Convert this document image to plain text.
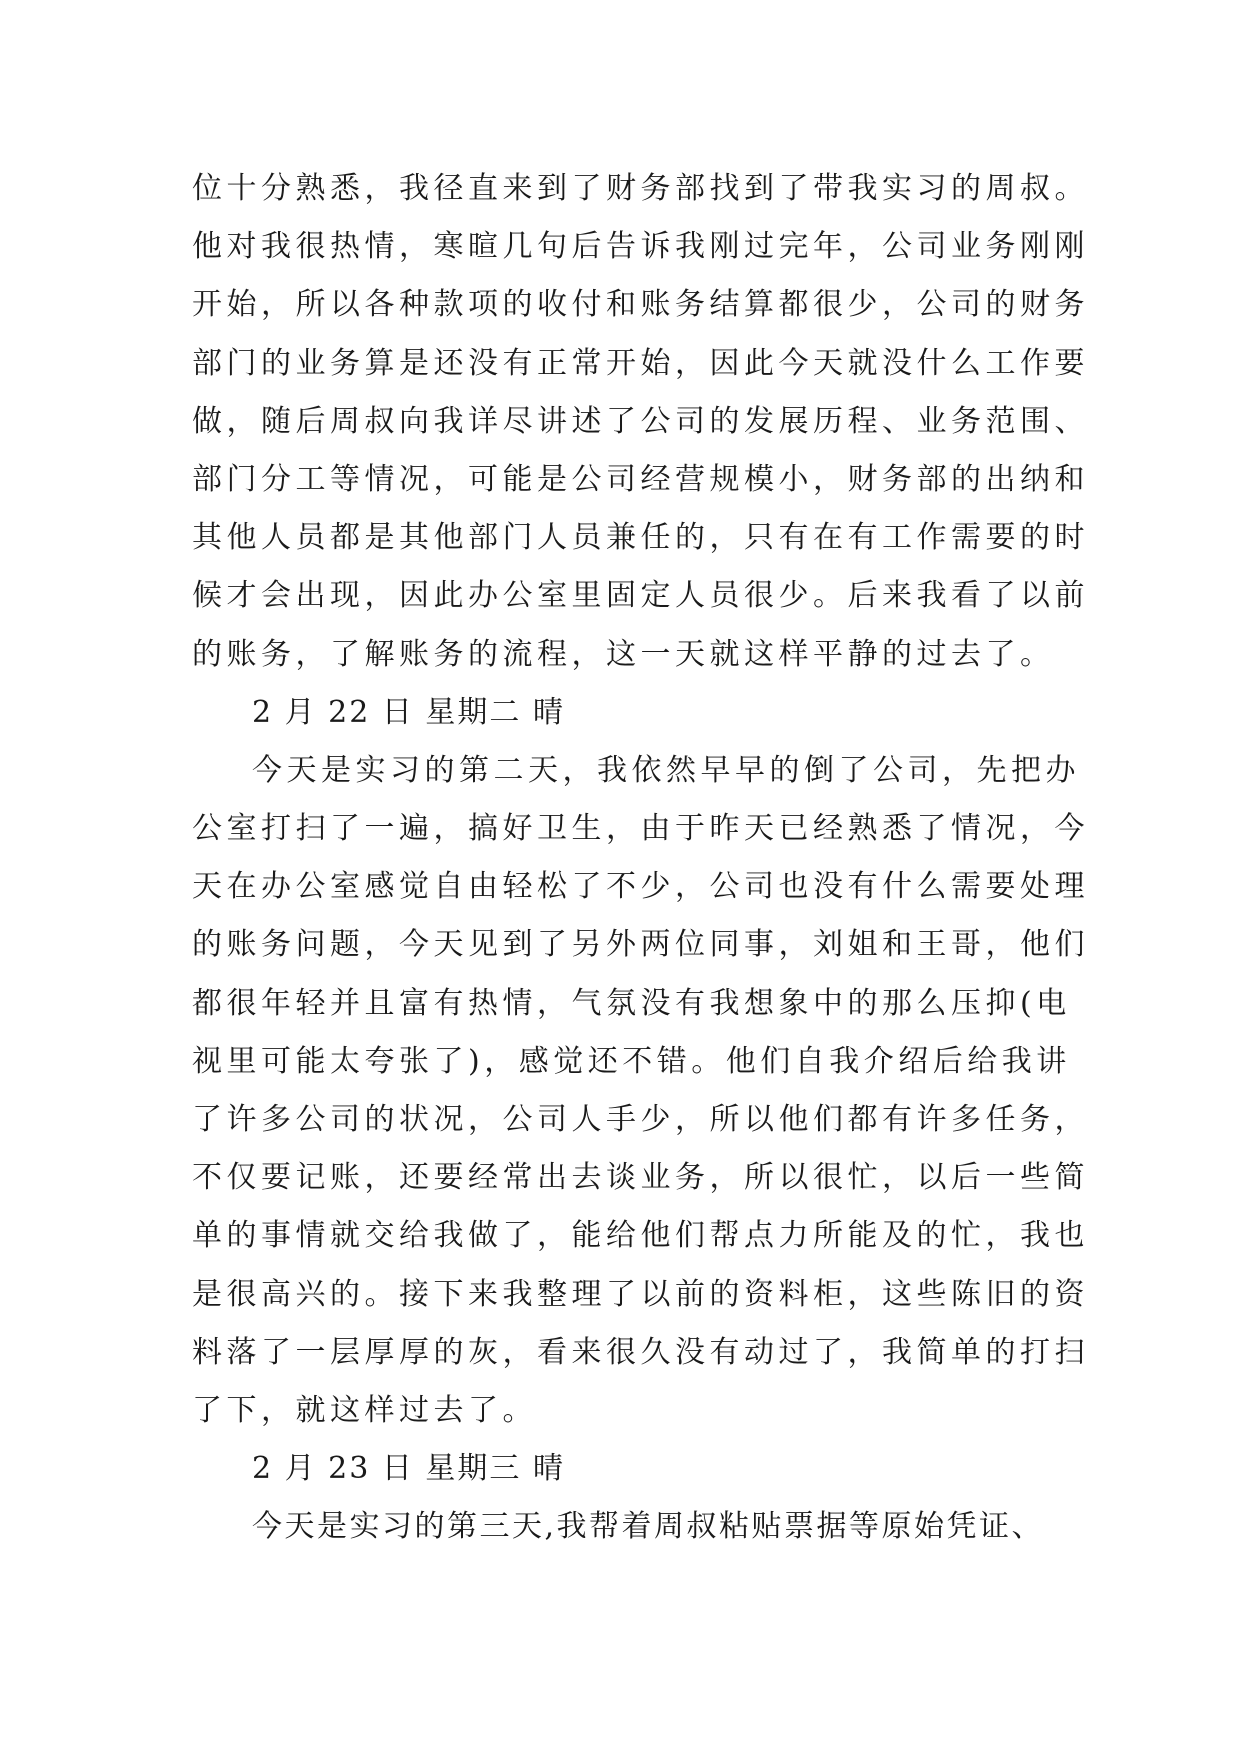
位十分熟悉，我径直来到了财务部找到了带我实习的周叔。
他对我很热情，寒暄几句后告诉我刚过完年，公司业务刚刚
开始，所以各种款项的收付和账务结算都很少，公司的财务
部门的业务算是还没有正常开始，因此今天就没什么工作要
做，随后周叔向我详尽讲述了公司的发展历程、业务范围、
部门分工等情况，可能是公司经营规模小，财务部的出纳和
其他人员都是其他部门人员兼任的，只有在有工作需要的时
候才会出现，因此办公室里固定人员很少。后来我看了以前
的账务，了解账务的流程，这一天就这样平静的过去了。
2 月 22 日 星期二 晴
今天是实习的第二天，我依然早早的倒了公司，先把办
公室打扫了一遍，搞好卫生，由于昨天已经熟悉了情况，今
天在办公室感觉自由轻松了不少，公司也没有什么需要处理
的账务问题，今天见到了另外两位同事，刘姐和王哥，他们
都很年轻并且富有热情，气氛没有我想象中的那么压抑(电
视里可能太夸张了)，感觉还不错。他们自我介绍后给我讲
了许多公司的状况，公司人手少，所以他们都有许多任务，
不仅要记账，还要经常出去谈业务，所以很忙，以后一些简
单的事情就交给我做了，能给他们帮点力所能及的忙，我也
是很高兴的。接下来我整理了以前的资料柜，这些陈旧的资
料落了一层厚厚的灰，看来很久没有动过了，我简单的打扫
了下，就这样过去了。
2 月 23 日 星期三 晴
今天是实习的第三天,我帮着周叔粘贴票据等原始凭证、
